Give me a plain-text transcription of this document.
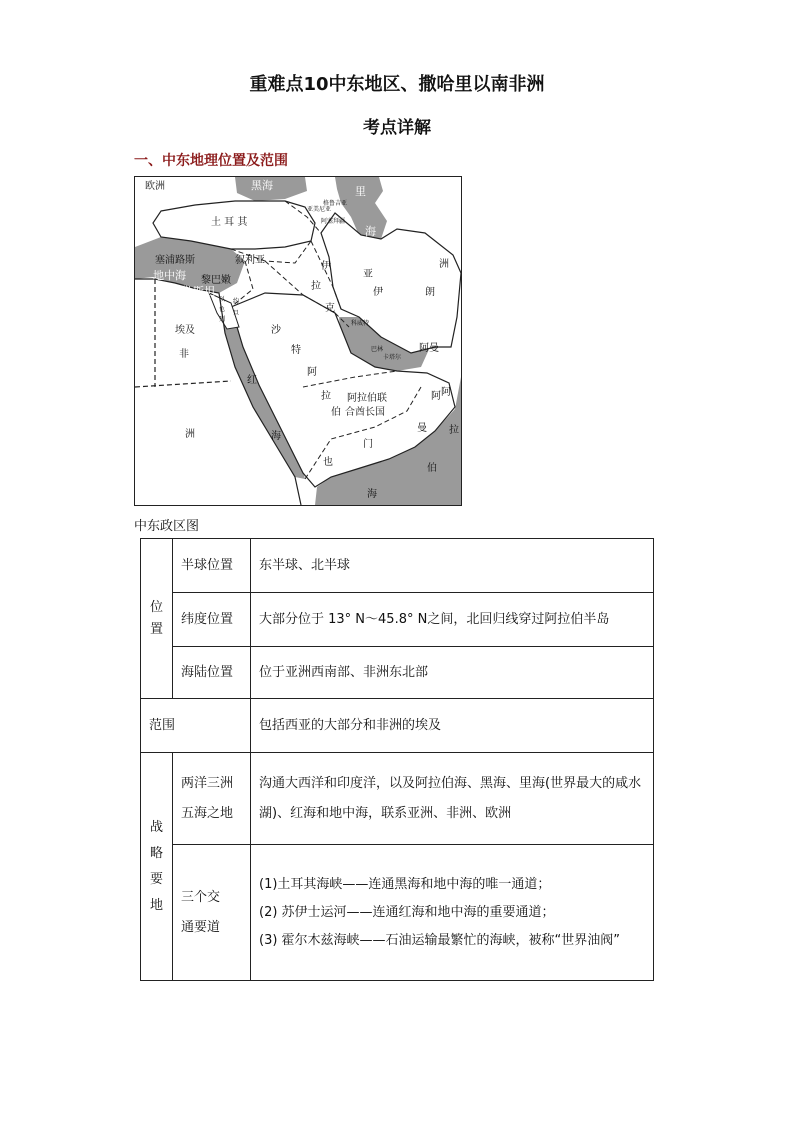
重难点10中东地区、撒哈里以南非洲
考点详解
一、中东地理位置及范围
欧洲	黑海	里
海
土 耳 其
亚美尼亚
格鲁吉亚
阿塞拜疆
亚
洲
塞浦路斯	叙利亚
黎巴嫩
地中海
巴勒斯坦
伊
拉
克
伊	朗
以
色
列
约
旦
科威特
埃及
非
洲
沙
特
阿
拉
伯
巴林
卡塔尔
阿拉伯联
合酋长国
阿曼
阿
曼
红
海
也
门
阿
拉
伯
海
中东政区图
位置	半球位置	东半球、北半球
	纬度位置	大部分位于 13° N～45.8° N之间，北回归线穿过阿拉伯半岛
	海陆位置	位于亚洲西南部、非洲东北部
范围		包括西亚的大部分和非洲的埃及
战略要地	两洋三洲五海之地	沟通大西洋和印度洋，以及阿拉伯海、黑海、里海(世界最大的咸水湖)、红海和地中海，联系亚洲、非洲、欧洲
	三个交通要道	(1)土耳其海峡——连通黑海和地中海的唯一通道；
(2) 苏伊士运河——连通红海和地中海的重要通道；
(3) 霍尔木兹海峡——石油运输最繁忙的海峡，被称“世界油阀”
